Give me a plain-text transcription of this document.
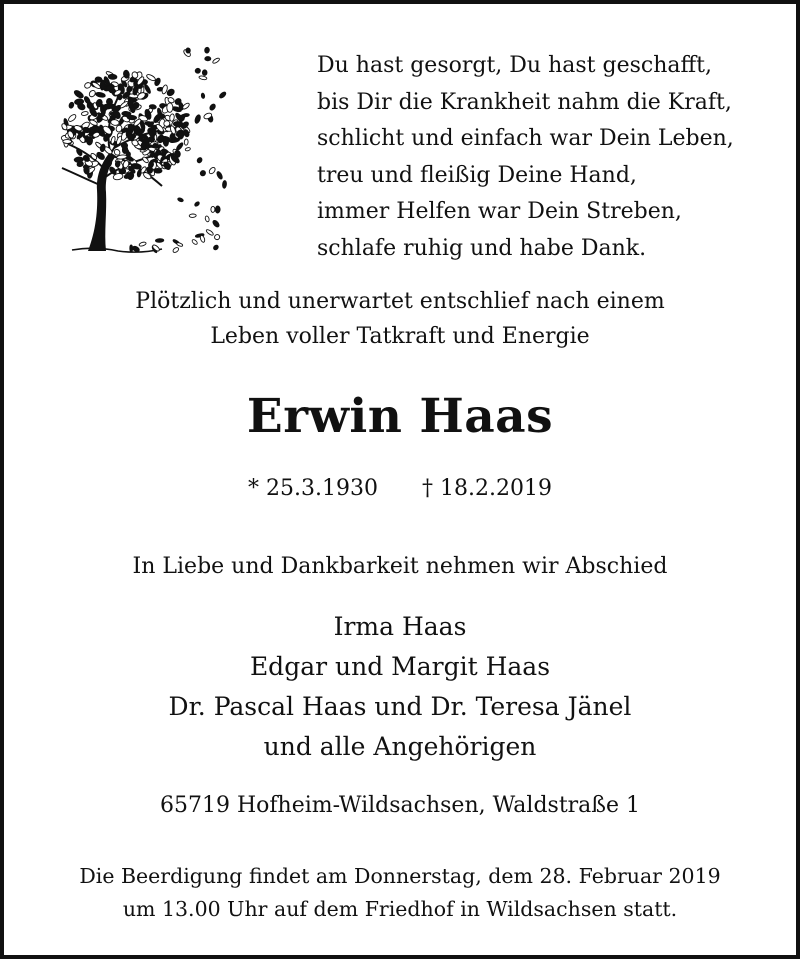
Du hast gesorgt, Du hast geschafft,
bis Dir die Krankheit nahm die Kraft,
schlicht und einfach war Dein Leben,
treu und fleißig Deine Hand,
immer Helfen war Dein Streben,
schlafe ruhig und habe Dank.
Plötzlich und unerwartet entschlief nach einem
Leben voller Tatkraft und Energie
Erwin Haas
* 25.3.1930 † 18.2.2019
In Liebe und Dankbarkeit nehmen wir Abschied
Irma Haas
Edgar und Margit Haas
Dr. Pascal Haas und Dr. Teresa Jänel
und alle Angehörigen
65719 Hofheim-Wildsachsen, Waldstraße 1
Die Beerdigung findet am Donnerstag, dem 28. Februar 2019
um 13.00 Uhr auf dem Friedhof in Wildsachsen statt.
